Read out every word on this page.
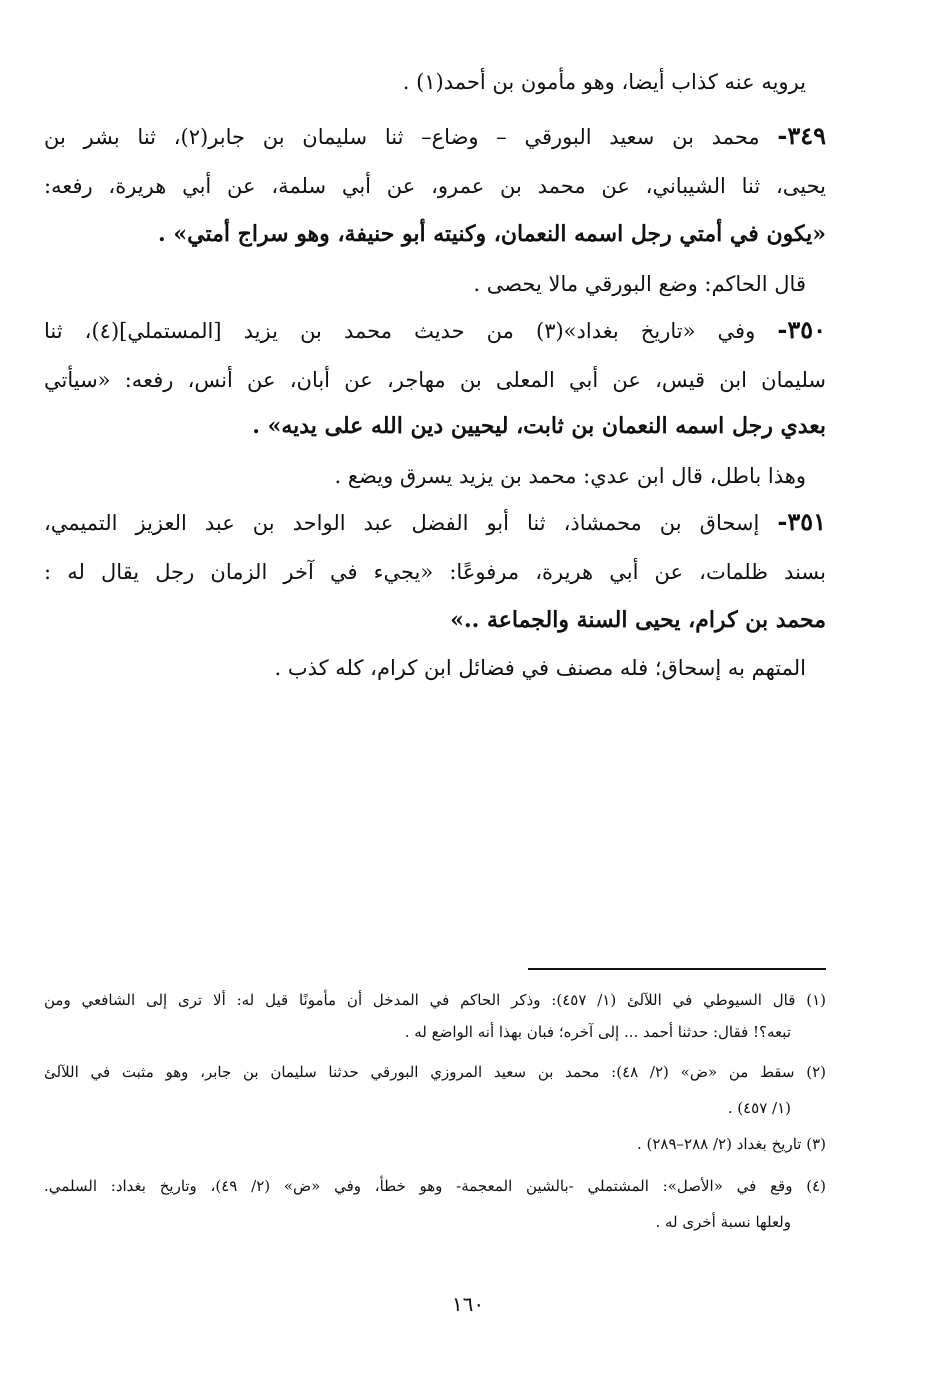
يرويه عنه كذاب أيضا، وهو مأمون بن أحمد(١) .
٣٤٩- محمد بن سعيد البورقي – وضاع– ثنا سليمان بن جابر(٢)، ثنا بشر بن
يحيى، ثنا الشيباني، عن محمد بن عمرو، عن أبي سلمة، عن أبي هريرة، رفعه:
«يكون في أمتي رجل اسمه النعمان، وكنيته أبو حنيفة، وهو سراج أمتي» .
قال الحاكم: وضع البورقي مالا يحصى .
٣٥٠- وفي «تاريخ بغداد»(٣) من حديث محمد بن يزيد [المستملي](٤)، ثنا
سليمان ابن قيس، عن أبي المعلى بن مهاجر، عن أبان، عن أنس، رفعه: «سيأتي
بعدي رجل اسمه النعمان بن ثابت، ليحيين دين الله على يديه» .
وهذا باطل، قال ابن عدي: محمد بن يزيد يسرق ويضع .
٣٥١- إسحاق بن محمشاذ، ثنا أبو الفضل عبد الواحد بن عبد العزيز التميمي،
بسند ظلمات، عن أبي هريرة، مرفوعًا: «يجيء في آخر الزمان رجل يقال له :
محمد بن كرام، يحيى السنة والجماعة ..»
المتهم به إسحاق؛ فله مصنف في فضائل ابن كرام، كله كذب .
(١) قال السيوطي في اللآلئ (١/ ٤٥٧): وذكر الحاكم في المدخل أن مأمونًا قيل له: ألا ترى إلى الشافعي ومن
تبعه؟! فقال: حدثنا أحمد ... إلى آخره؛ فبان بهذا أنه الواضع له .
(٢) سقط من «ض» (٢/ ٤٨): محمد بن سعيد المروزي البورقي حدثنا سليمان بن جابر، وهو مثبت في اللآلئ
(١/ ٤٥٧) .
(٣) تاريخ بغداد (٢/ ٢٨٨–٢٨٩) .
(٤) وقع في «الأصل»: المشتملي -بالشين المعجمة- وهو خطأ، وفي «ض» (٢/ ٤٩)، وتاريخ بغداد: السلمي.
ولعلها نسبة أخرى له .
١٦٠
